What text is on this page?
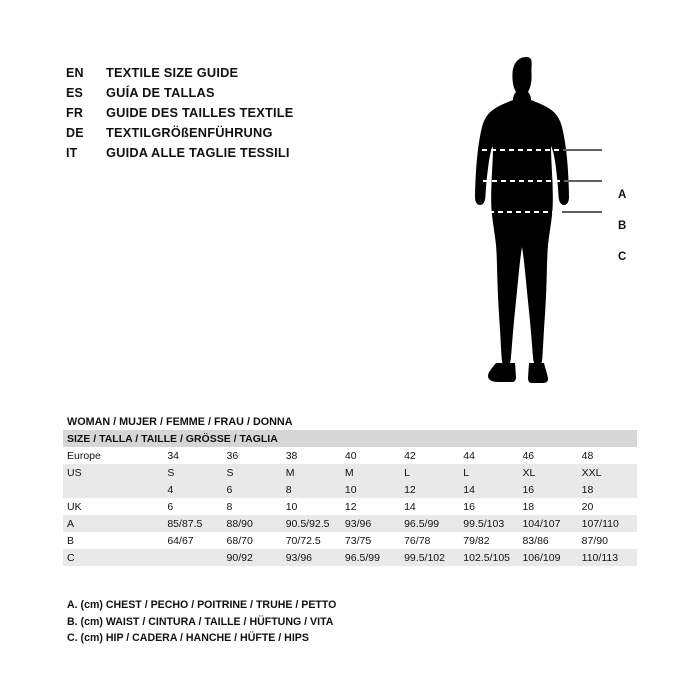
EN	TEXTILE SIZE GUIDE
ES	GUÍA DE TALLAS
FR	GUIDE DES TAILLES TEXTILE
DE	TEXTILGRÖßENFÜHRUNG
IT	GUIDA ALLE TAGLIE TESSILI
A
B
C
WOMAN / MUJER / FEMME / FRAU / DONNA								
SIZE / TALLA / TAILLE / GRÖSSE / TAGLIA								
Europe	34	36	38	40	42	44	46	48
US	S	S	M	M	L	L	XL	XXL
	4	6	8	10	12	14	16	18
UK	6	8	10	12	14	16	18	20
A	85/87.5	88/90	90.5/92.5	93/96	96.5/99	99.5/103	104/107	107/110
B	64/67	68/70	70/72.5	73/75	76/78	79/82	83/86	87/90
C		90/92	93/96	96.5/99	99.5/102	102.5/105	106/109	110/113
A. (cm) CHEST / PECHO / POITRINE / TRUHE / PETTO
B. (cm) WAIST / CINTURA / TAILLE / HÜFTUNG / VITA
C. (cm) HIP / CADERA / HANCHE / HÜFTE / HIPS
